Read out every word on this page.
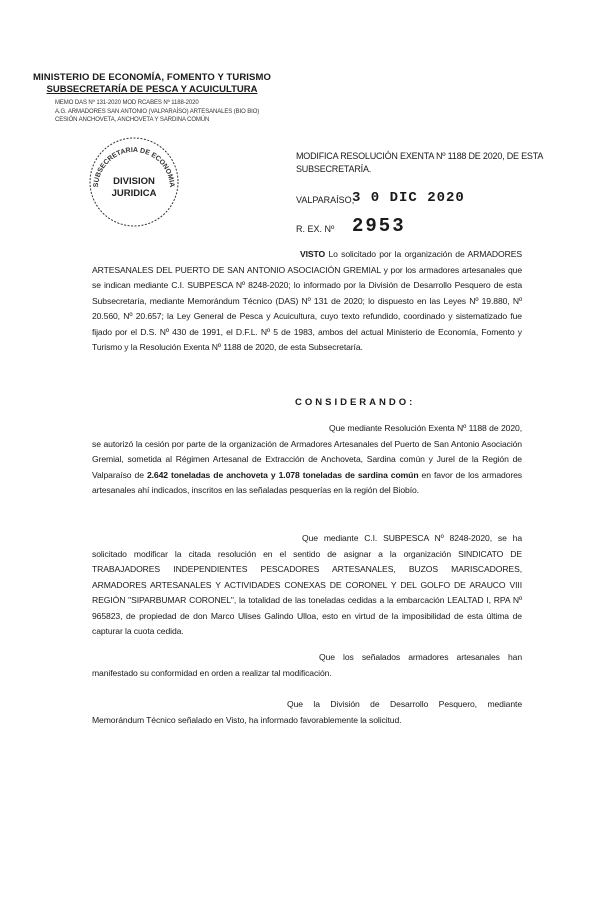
MINISTERIO DE ECONOMÍA, FOMENTO Y TURISMO
SUBSECRETARÍA DE PESCA Y ACUICULTURA
MEMO DAS Nº 131-2020 MOD RCABES Nº 1188-2020
A.G. ARMADORES SAN ANTONIO (VALPARAÍSO) ARTESANALES (BIO BIO)
CESIÓN ANCHOVETA, ANCHOVETA Y SARDINA COMÚN
SUBSECRETARIA DE ECONOMIA
DIVISION
JURIDICA
MODIFICA RESOLUCIÓN EXENTA Nº 1188 DE 2020, DE ESTA SUBSECRETARÍA.
VALPARAÍSO,
3 0 DIC 2020
R. EX. Nº 2953

VISTO Lo solicitado por la organización de ARMADORES ARTESANALES DEL PUERTO DE SAN ANTONIO ASOCIACIÓN GREMIAL y por los armadores artesanales que se indican mediante C.I. SUBPESCA Nº 8248-2020; lo informado por la División de Desarrollo Pesquero de esta Subsecretaría, mediante Memorándum Técnico (DAS) Nº 131 de 2020; lo dispuesto en las Leyes Nº 19.880, Nº 20.560, Nº 20.657; la Ley General de Pesca y Acuicultura, cuyo texto refundido, coordinado y sistematizado fue fijado por el D.S. Nº 430 de 1991, el D.F.L. Nº 5 de 1983, ambos del actual Ministerio de Economía, Fomento y Turismo y la Resolución Exenta Nº 1188 de 2020, de esta Subsecretaría.

CONSIDERANDO:

Que mediante Resolución Exenta Nº 1188 de 2020, se autorizó la cesión por parte de la organización de Armadores Artesanales del Puerto de San Antonio Asociación Gremial, sometida al Régimen Artesanal de Extracción de Anchoveta, Sardina común y Jurel de la Región de Valparaíso de 2.642 toneladas de anchoveta y 1.078 toneladas de sardina común en favor de los armadores artesanales ahí indicados, inscritos en las señaladas pesquerías en la región del Biobío.

Que mediante C.I. SUBPESCA Nº 8248-2020, se ha solicitado modificar la citada resolución en el sentido de asignar a la organización SINDICATO DE TRABAJADORES INDEPENDIENTES PESCADORES ARTESANALES, BUZOS MARISCADORES, ARMADORES ARTESANALES Y ACTIVIDADES CONEXAS DE CORONEL Y DEL GOLFO DE ARAUCO VIII REGIÓN "SIPARBUMAR CORONEL", la totalidad de las toneladas cedidas a la embarcación LEALTAD I, RPA Nº 965823, de propiedad de don Marco Ulises Galindo Ulloa, esto en virtud de la imposibilidad de esta última de capturar la cuota cedida.

Que los señalados armadores artesanales han manifestado su conformidad en orden a realizar tal modificación.

Que la División de Desarrollo Pesquero, mediante Memorándum Técnico señalado en Visto, ha informado favorablemente la solicitud.
